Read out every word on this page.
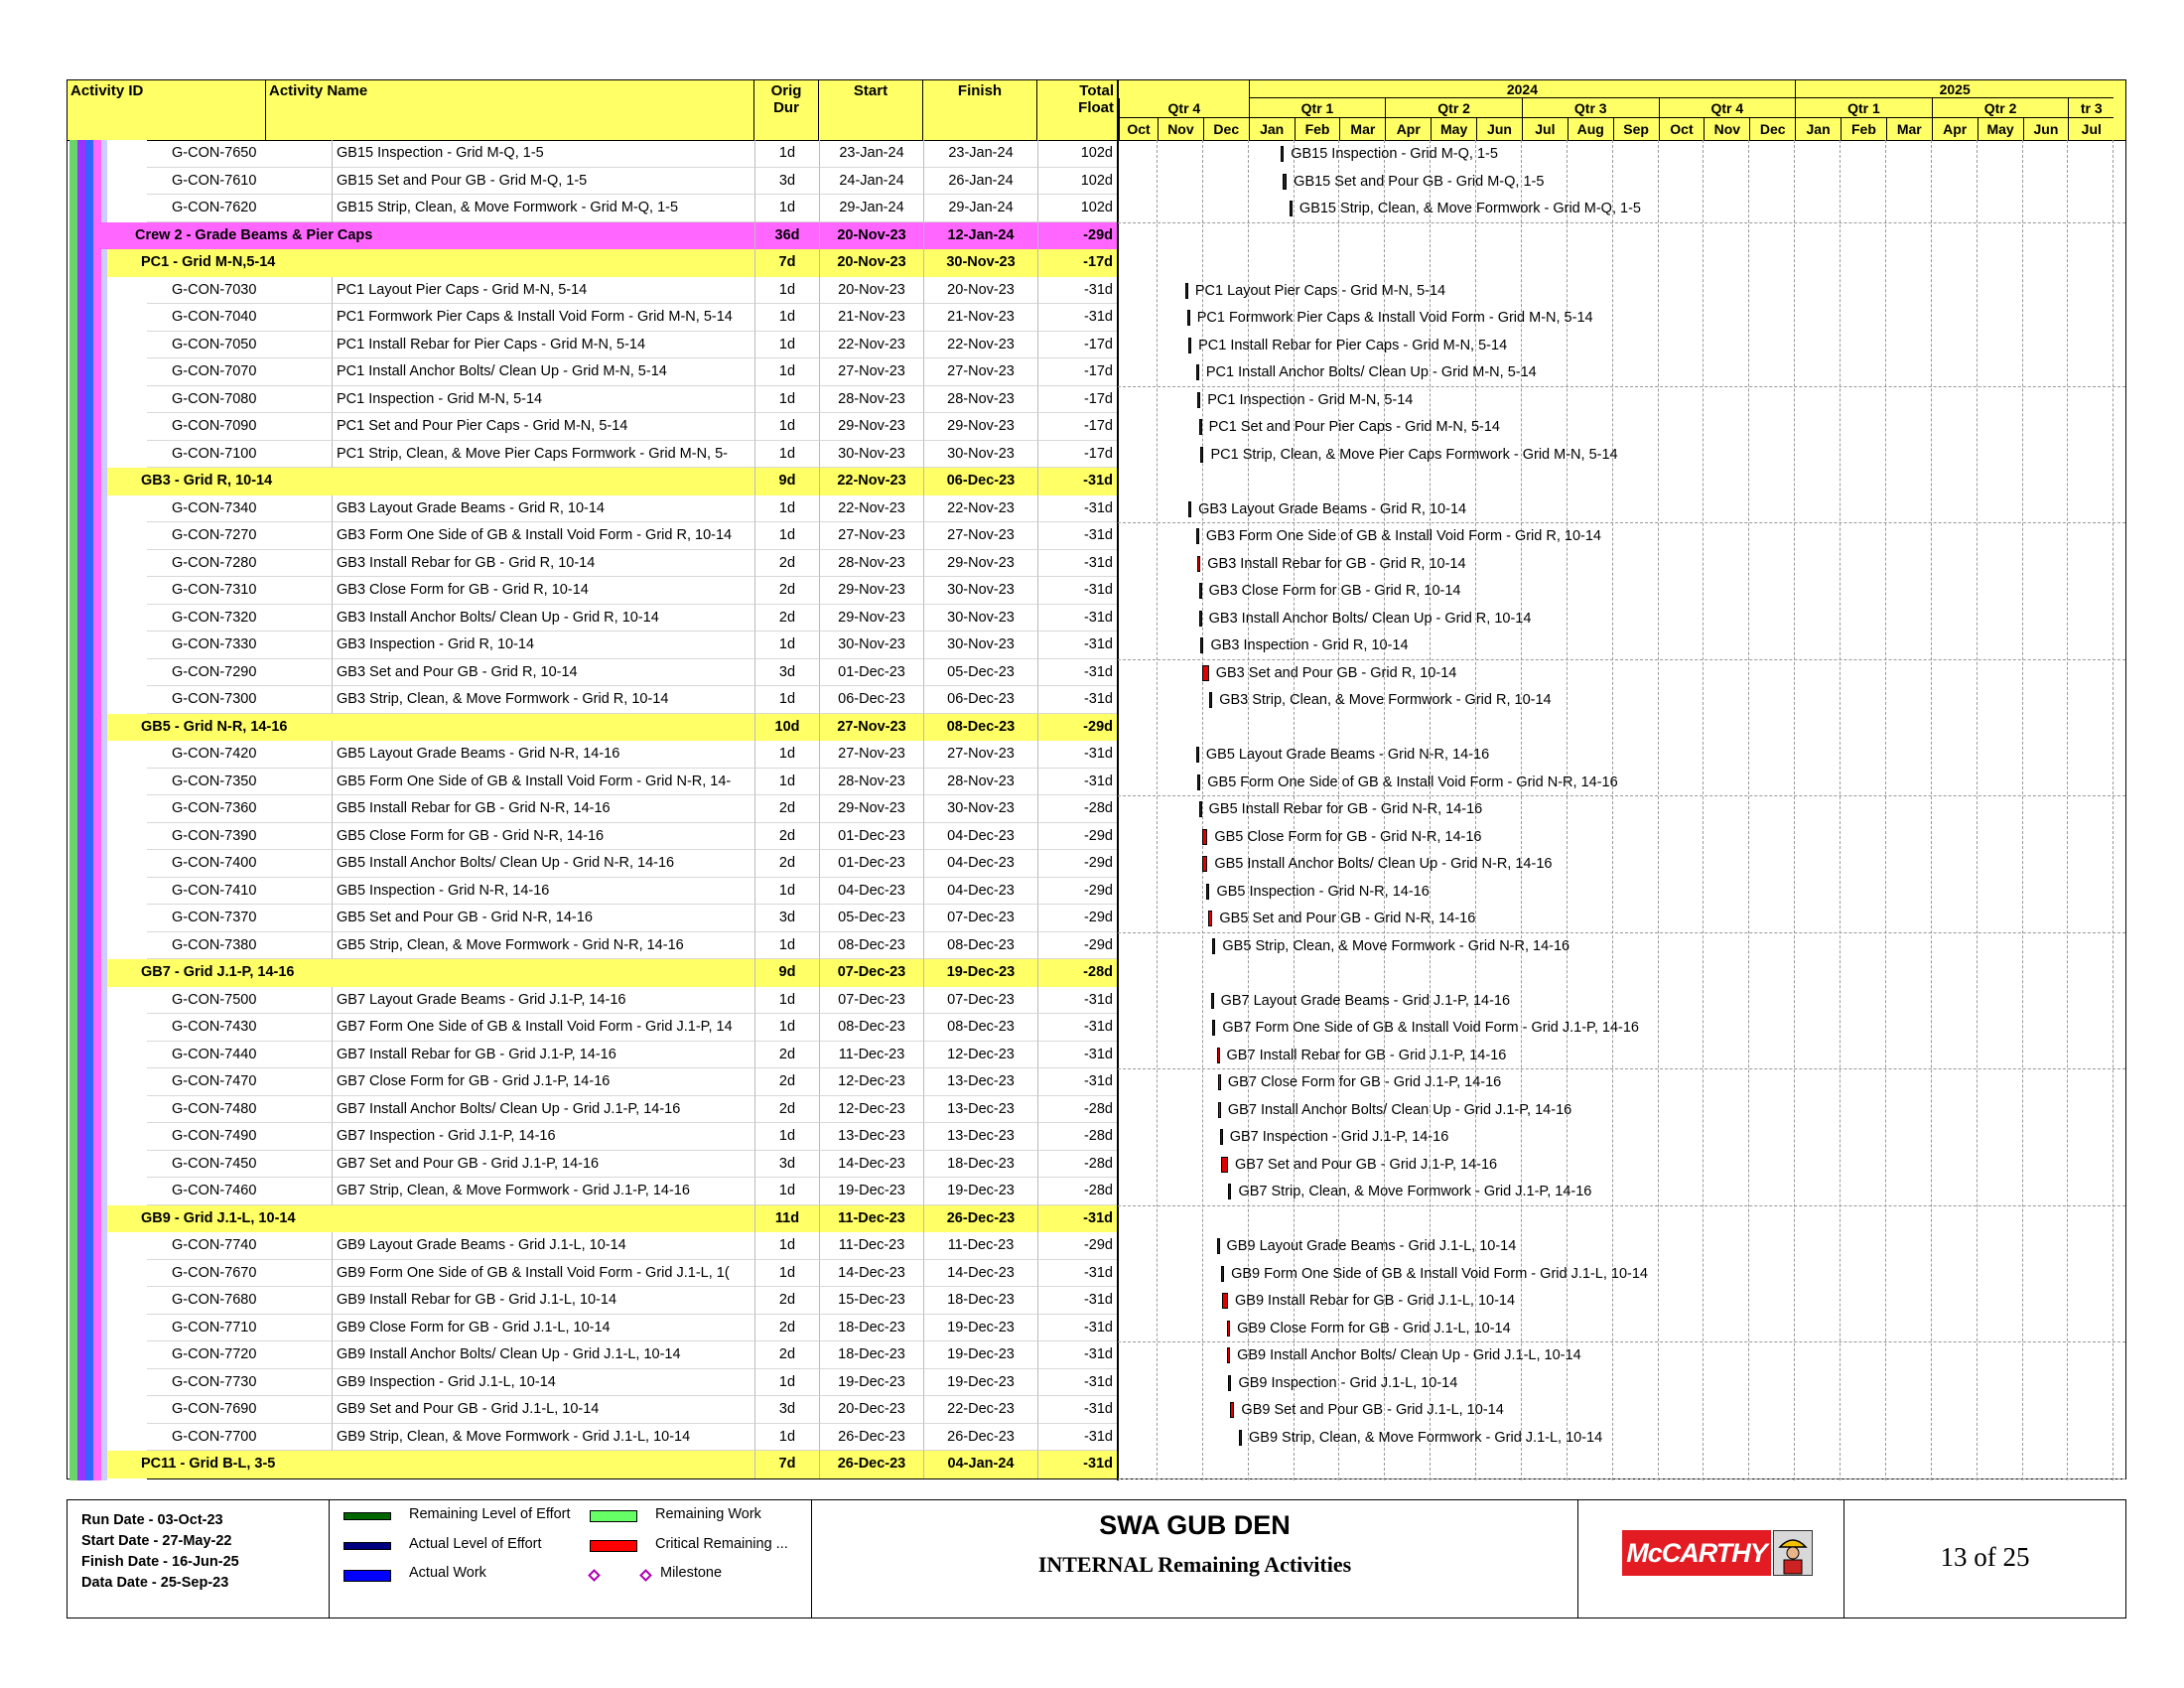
Activity ID	Activity Name	Orig
Dur
Start	Finish	Total
Float
2024	2025
Qtr 4	Qtr 1	Qtr 2	Qtr 3	Qtr 4	Qtr 1	Qtr 2	tr 3
Oct	Nov	Dec	Jan	Feb	Mar	Apr	May	Jun	Jul	Aug	Sep	Oct	Nov	Dec	Jan	Feb	Mar	Apr	May	Jun	Jul
G-CON-7650	GB15 Inspection - Grid M-Q, 1-5	1d	23-Jan-24	23-Jan-24	102d
G-CON-7610	GB15 Set and Pour GB - Grid M-Q, 1-5	3d	24-Jan-24	26-Jan-24	102d
G-CON-7620	GB15 Strip, Clean, & Move Formwork - Grid M-Q, 1-5	1d	29-Jan-24	29-Jan-24	102d
Crew 2 - Grade Beams & Pier Caps	36d	20-Nov-23	12-Jan-24	-29d
PC1 - Grid M-N,5-14	7d	20-Nov-23	30-Nov-23	-17d
G-CON-7030	PC1 Layout Pier Caps - Grid M-N, 5-14	1d	20-Nov-23	20-Nov-23	-31d
G-CON-7040	PC1 Formwork Pier Caps & Install Void Form - Grid M-N, 5-14	1d	21-Nov-23	21-Nov-23	-31d
G-CON-7050	PC1 Install Rebar for Pier Caps - Grid M-N, 5-14	1d	22-Nov-23	22-Nov-23	-17d
G-CON-7070	PC1 Install Anchor Bolts/ Clean Up - Grid M-N, 5-14	1d	27-Nov-23	27-Nov-23	-17d
G-CON-7080	PC1 Inspection - Grid M-N, 5-14	1d	28-Nov-23	28-Nov-23	-17d
G-CON-7090	PC1 Set and Pour Pier Caps - Grid M-N, 5-14	1d	29-Nov-23	29-Nov-23	-17d
G-CON-7100	PC1 Strip, Clean, & Move Pier Caps Formwork - Grid M-N, 5-	1d	30-Nov-23	30-Nov-23	-17d
GB3 - Grid R, 10-14	9d	22-Nov-23	06-Dec-23	-31d
G-CON-7340	GB3 Layout Grade Beams - Grid R, 10-14	1d	22-Nov-23	22-Nov-23	-31d
G-CON-7270	GB3 Form One Side of GB & Install Void Form - Grid R, 10-14	1d	27-Nov-23	27-Nov-23	-31d
G-CON-7280	GB3 Install Rebar for GB - Grid R, 10-14	2d	28-Nov-23	29-Nov-23	-31d
G-CON-7310	GB3 Close Form for GB - Grid R, 10-14	2d	29-Nov-23	30-Nov-23	-31d
G-CON-7320	GB3 Install Anchor Bolts/ Clean Up - Grid R, 10-14	2d	29-Nov-23	30-Nov-23	-31d
G-CON-7330	GB3 Inspection - Grid R, 10-14	1d	30-Nov-23	30-Nov-23	-31d
G-CON-7290	GB3 Set and Pour GB - Grid R, 10-14	3d	01-Dec-23	05-Dec-23	-31d
G-CON-7300	GB3 Strip, Clean, & Move Formwork - Grid R, 10-14	1d	06-Dec-23	06-Dec-23	-31d
GB5 - Grid N-R, 14-16	10d	27-Nov-23	08-Dec-23	-29d
G-CON-7420	GB5 Layout Grade Beams - Grid N-R, 14-16	1d	27-Nov-23	27-Nov-23	-31d
G-CON-7350	GB5 Form One Side of GB & Install Void Form - Grid N-R, 14-	1d	28-Nov-23	28-Nov-23	-31d
G-CON-7360	GB5 Install Rebar for GB - Grid N-R, 14-16	2d	29-Nov-23	30-Nov-23	-28d
G-CON-7390	GB5 Close Form for GB - Grid N-R, 14-16	2d	01-Dec-23	04-Dec-23	-29d
G-CON-7400	GB5 Install Anchor Bolts/ Clean Up - Grid N-R, 14-16	2d	01-Dec-23	04-Dec-23	-29d
G-CON-7410	GB5 Inspection - Grid N-R, 14-16	1d	04-Dec-23	04-Dec-23	-29d
G-CON-7370	GB5 Set and Pour GB - Grid N-R, 14-16	3d	05-Dec-23	07-Dec-23	-29d
G-CON-7380	GB5 Strip, Clean, & Move Formwork - Grid N-R, 14-16	1d	08-Dec-23	08-Dec-23	-29d
GB7 - Grid J.1-P, 14-16	9d	07-Dec-23	19-Dec-23	-28d
G-CON-7500	GB7 Layout Grade Beams - Grid J.1-P, 14-16	1d	07-Dec-23	07-Dec-23	-31d
G-CON-7430	GB7 Form One Side of GB & Install Void Form - Grid J.1-P, 14	1d	08-Dec-23	08-Dec-23	-31d
G-CON-7440	GB7 Install Rebar for GB - Grid J.1-P, 14-16	2d	11-Dec-23	12-Dec-23	-31d
G-CON-7470	GB7 Close Form for GB - Grid J.1-P, 14-16	2d	12-Dec-23	13-Dec-23	-31d
G-CON-7480	GB7 Install Anchor Bolts/ Clean Up - Grid J.1-P, 14-16	2d	12-Dec-23	13-Dec-23	-28d
G-CON-7490	GB7 Inspection - Grid J.1-P, 14-16	1d	13-Dec-23	13-Dec-23	-28d
G-CON-7450	GB7 Set and Pour GB - Grid J.1-P, 14-16	3d	14-Dec-23	18-Dec-23	-28d
G-CON-7460	GB7 Strip, Clean, & Move Formwork - Grid J.1-P, 14-16	1d	19-Dec-23	19-Dec-23	-28d
GB9 - Grid J.1-L, 10-14	11d	11-Dec-23	26-Dec-23	-31d
G-CON-7740	GB9 Layout Grade Beams - Grid J.1-L, 10-14	1d	11-Dec-23	11-Dec-23	-29d
G-CON-7670	GB9 Form One Side of GB & Install Void Form - Grid J.1-L, 1(	1d	14-Dec-23	14-Dec-23	-31d
G-CON-7680	GB9 Install Rebar for GB - Grid J.1-L, 10-14	2d	15-Dec-23	18-Dec-23	-31d
G-CON-7710	GB9 Close Form for GB - Grid J.1-L, 10-14	2d	18-Dec-23	19-Dec-23	-31d
G-CON-7720	GB9 Install Anchor Bolts/ Clean Up - Grid J.1-L, 10-14	2d	18-Dec-23	19-Dec-23	-31d
G-CON-7730	GB9 Inspection - Grid J.1-L, 10-14	1d	19-Dec-23	19-Dec-23	-31d
G-CON-7690	GB9 Set and Pour GB - Grid J.1-L, 10-14	3d	20-Dec-23	22-Dec-23	-31d
G-CON-7700	GB9 Strip, Clean, & Move Formwork - Grid J.1-L, 10-14	1d	26-Dec-23	26-Dec-23	-31d
PC11 - Grid B-L, 3-5	7d	26-Dec-23	04-Jan-24	-31d
GB15 Inspection - Grid M-Q, 1-5
GB15 Set and Pour GB - Grid M-Q, 1-5
GB15 Strip, Clean, & Move Formwork - Grid M-Q, 1-5
PC1 Layout Pier Caps - Grid M-N, 5-14
PC1 Formwork Pier Caps & Install Void Form - Grid M-N, 5-14
PC1 Install Rebar for Pier Caps - Grid M-N, 5-14
PC1 Install Anchor Bolts/ Clean Up - Grid M-N, 5-14
PC1 Inspection - Grid M-N, 5-14
PC1 Set and Pour Pier Caps - Grid M-N, 5-14
PC1 Strip, Clean, & Move Pier Caps Formwork - Grid M-N, 5-14
GB3 Layout Grade Beams - Grid R, 10-14
GB3 Form One Side of GB & Install Void Form - Grid R, 10-14
GB3 Install Rebar for GB - Grid R, 10-14
GB3 Close Form for GB - Grid R, 10-14
GB3 Install Anchor Bolts/ Clean Up - Grid R, 10-14
GB3 Inspection - Grid R, 10-14
GB3 Set and Pour GB - Grid R, 10-14
GB3 Strip, Clean, & Move Formwork - Grid R, 10-14
GB5 Layout Grade Beams - Grid N-R, 14-16
GB5 Form One Side of GB & Install Void Form - Grid N-R, 14-16
GB5 Install Rebar for GB - Grid N-R, 14-16
GB5 Close Form for GB - Grid N-R, 14-16
GB5 Install Anchor Bolts/ Clean Up - Grid N-R, 14-16
GB5 Inspection - Grid N-R, 14-16
GB5 Set and Pour GB - Grid N-R, 14-16
GB5 Strip, Clean, & Move Formwork - Grid N-R, 14-16
GB7 Layout Grade Beams - Grid J.1-P, 14-16
GB7 Form One Side of GB & Install Void Form - Grid J.1-P, 14-16
GB7 Install Rebar for GB - Grid J.1-P, 14-16
GB7 Close Form for GB - Grid J.1-P, 14-16
GB7 Install Anchor Bolts/ Clean Up - Grid J.1-P, 14-16
GB7 Inspection - Grid J.1-P, 14-16
GB7 Set and Pour GB - Grid J.1-P, 14-16
GB7 Strip, Clean, & Move Formwork - Grid J.1-P, 14-16
GB9 Layout Grade Beams - Grid J.1-L, 10-14
GB9 Form One Side of GB & Install Void Form - Grid J.1-L, 10-14
GB9 Install Rebar for GB - Grid J.1-L, 10-14
GB9 Close Form for GB - Grid J.1-L, 10-14
GB9 Install Anchor Bolts/ Clean Up - Grid J.1-L, 10-14
GB9 Inspection - Grid J.1-L, 10-14
GB9 Set and Pour GB - Grid J.1-L, 10-14
GB9 Strip, Clean, & Move Formwork - Grid J.1-L, 10-14
Run Date - 03-Oct-23
Start Date - 27-May-22
Finish Date - 16-Jun-25
Data Date - 25-Sep-23
Remaining Level of Effort
Actual Level of Effort
Actual Work
Remaining Work
Critical Remaining ...
Milestone
SWA GUB DEN
INTERNAL Remaining Activities	McCARTHY	13 of 25
